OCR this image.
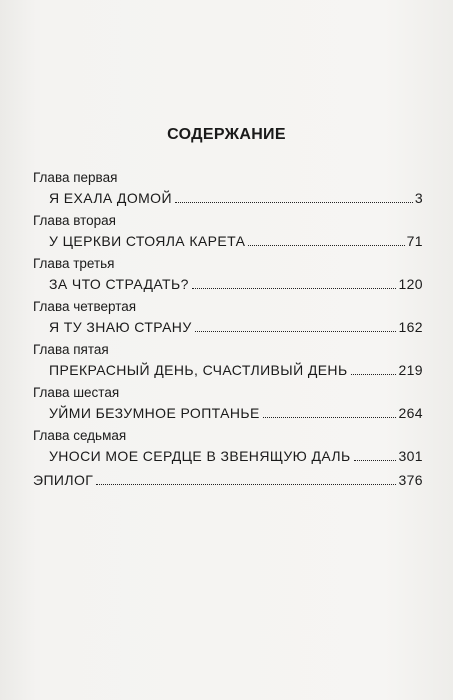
СОДЕРЖАНИЕ
Глава первая
Я ЕХАЛА ДОМОЙ	3
Глава вторая
У ЦЕРКВИ СТОЯЛА КАРЕТА	71
Глава третья
ЗА ЧТО СТРАДАТЬ?	120
Глава четвертая
Я ТУ ЗНАЮ СТРАНУ	162
Глава пятая
ПРЕКРАСНЫЙ ДЕНЬ, СЧАСТЛИВЫЙ ДЕНЬ	219
Глава шестая
УЙМИ БЕЗУМНОЕ РОПТАНЬЕ	264
Глава седьмая
УНОСИ МОЕ СЕРДЦЕ В ЗВЕНЯЩУЮ ДАЛЬ	301
ЭПИЛОГ	376
